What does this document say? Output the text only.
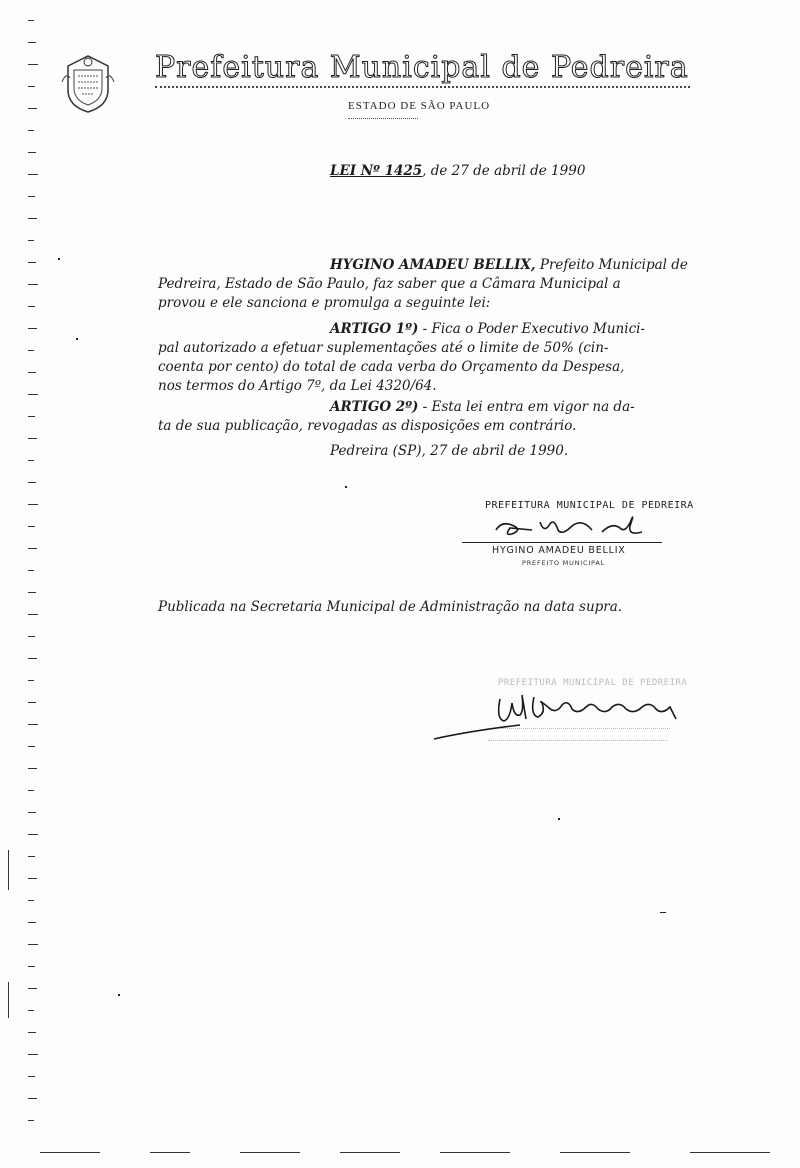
Prefeitura Municipal de Pedreira
ESTADO DE SÃO PAULO
LEI Nº 1425, de 27 de abril de 1990
HYGINO AMADEU BELLIX, Prefeito Municipal de
Pedreira, Estado de São Paulo, faz saber que a Câmara Municipal a
provou e ele sanciona e promulga a seguinte lei:
ARTIGO 1º) - Fica o Poder Executivo Munici-
pal autorizado a efetuar suplementações até o limite de 50% (cin-
coenta por cento) do total de cada verba do Orçamento da Despesa,
nos termos do Artigo 7º, da Lei 4320/64.
ARTIGO 2º) - Esta lei entra em vigor na da-
ta de sua publicação, revogadas as disposições em contrário.
Pedreira (SP), 27 de abril de 1990.
PREFEITURA MUNICIPAL DE PEDREIRA
HYGINO AMADEU BELLIX
PREFEITO MUNICIPAL
Publicada na Secretaria Municipal de Administração na data supra.
PREFEITURA MUNICIPAL DE PEDREIRA
